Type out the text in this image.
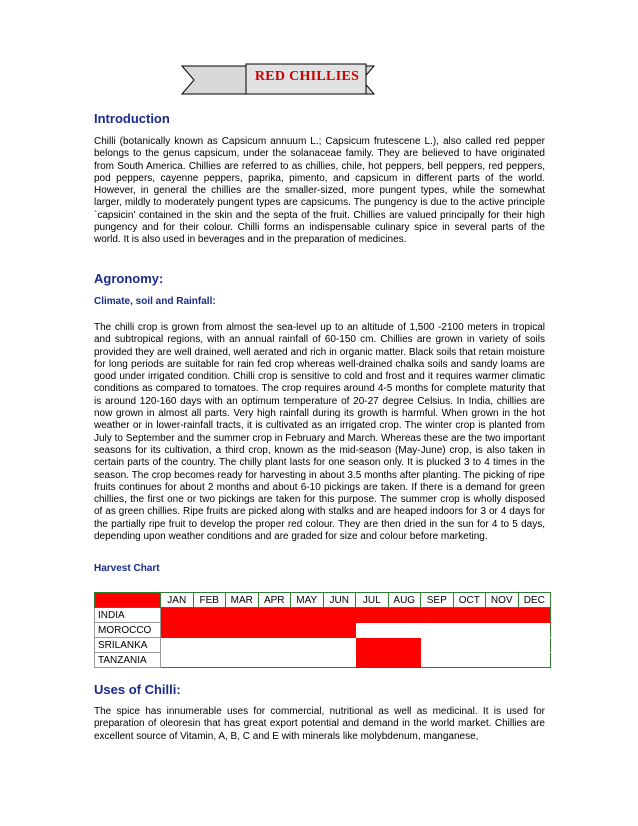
RED CHILLIES
Introduction

Chilli (botanically known as Capsicum annuum L.; Capsicum frutescene L.), also called red pepper belongs to the genus capsicum, under the solanaceae family. They are believed to have originated from South America. Chillies are referred to as chillies, chile, hot peppers, bell peppers, red peppers, pod peppers, cayenne peppers, paprika, pimento, and capsicum in different parts of the world. However, in general the chillies are the smaller-sized, more pungent types, while the somewhat larger, mildly to moderately pungent types are capsicums. The pungency is due to the active principle `capsicin' contained in the skin and the septa of the fruit. Chillies are valued principally for their high pungency and for their colour. Chilli forms an indispensable culinary spice in several parts of the world. It is also used in beverages and in the preparation of medicines.

Agronomy:
Climate, soil and Rainfall:

The chilli crop is grown from almost the sea-level up to an altitude of 1,500 -2100 meters in tropical and subtropical regions, with an annual rainfall of 60-150 cm. Chillies are grown in variety of soils provided they are well drained, well aerated and rich in organic matter. Black soils that retain moisture for long periods are suitable for rain fed crop whereas well-drained chalka soils and sandy loams are good under irrigated condition. Chilli crop is sensitive to cold and frost and it requires warmer climatic conditions as compared to tomatoes. The crop requires around 4-5 months for complete maturity that is around 120-160 days with an optimum temperature of 20-27 degree Celsius. In India, chillies are now grown in almost all parts. Very high rainfall during its growth is harmful. When grown in the hot weather or in lower-rainfall tracts, it is cultivated as an irrigated crop. The winter crop is planted from July to September and the summer crop in February and March. Whereas these are the two important seasons for its cultivation, a third crop, known as the mid-season (May-June) crop, is also taken in certain parts of the country. The chilly plant lasts for one season only. It is plucked 3 to 4 times in the season. The crop becomes ready for harvesting in about 3.5 months after planting. The picking of ripe fruits continues for about 2 months and about 6-10 pickings are taken. If there is a demand for green chillies, the first one or two pickings are taken for this purpose. The summer crop is wholly disposed of as green chillies. Ripe fruits are picked along with stalks and are heaped indoors for 3 or 4 days for the partially ripe fruit to develop the proper red colour. They are then dried in the sun for 4 to 5 days, depending upon weather conditions and are graded for size and colour before marketing.

Harvest Chart
	JAN	FEB	MAR	APR	MAY	JUN	JUL	AUG	SEP	OCT	NOV	DEC
INDIA												
MOROCCO												
SRILANKA												
TANZANIA												
Uses of Chilli:

The spice has innumerable uses for commercial, nutritional as well as medicinal. It is used for preparation of oleoresin that has great export potential and demand in the world market. Chillies are excellent source of Vitamin, A, B, C and E with minerals like molybdenum, manganese,
